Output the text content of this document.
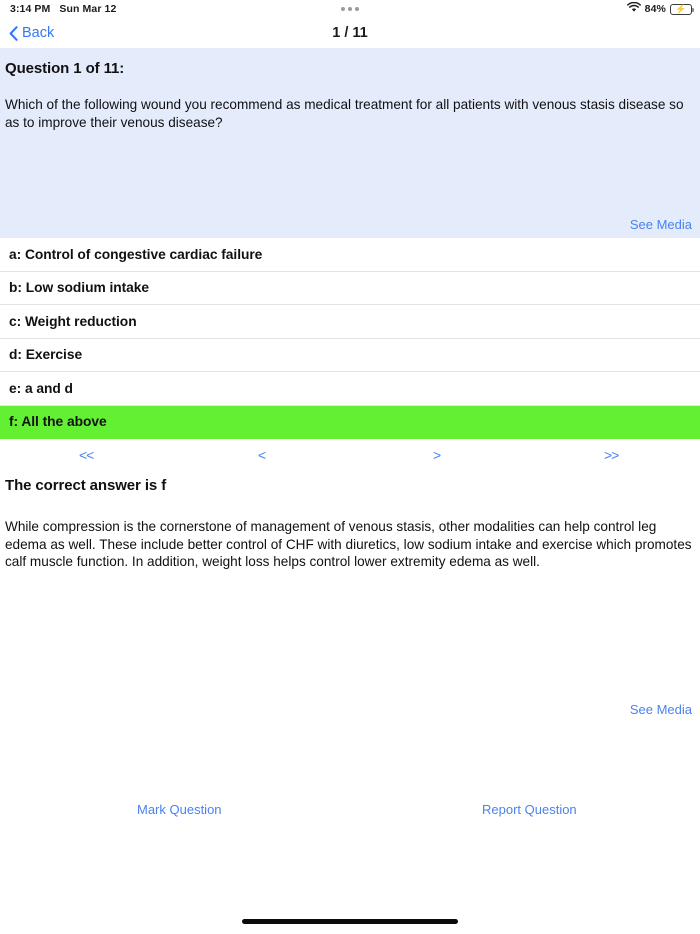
3:14 PM Sun Mar 12	84%	⚡
Back	1 / 11
Question 1 of 11:
Which of the following wound you recommend as medical treatment for all patients with venous stasis disease so as to improve their venous disease?
See Media
a: Control of congestive cardiac failure
b: Low sodium intake
c: Weight reduction
d: Exercise
e: a and d
f: All the above
<<	<	>	>>
The correct answer is f
While compression is the cornerstone of management of venous stasis, other modalities can help control leg edema as well. These include better control of CHF with diuretics, low sodium intake and exercise which promotes calf muscle function. In addition, weight loss helps control lower extremity edema as well.
See Media
Mark Question	Report Question
